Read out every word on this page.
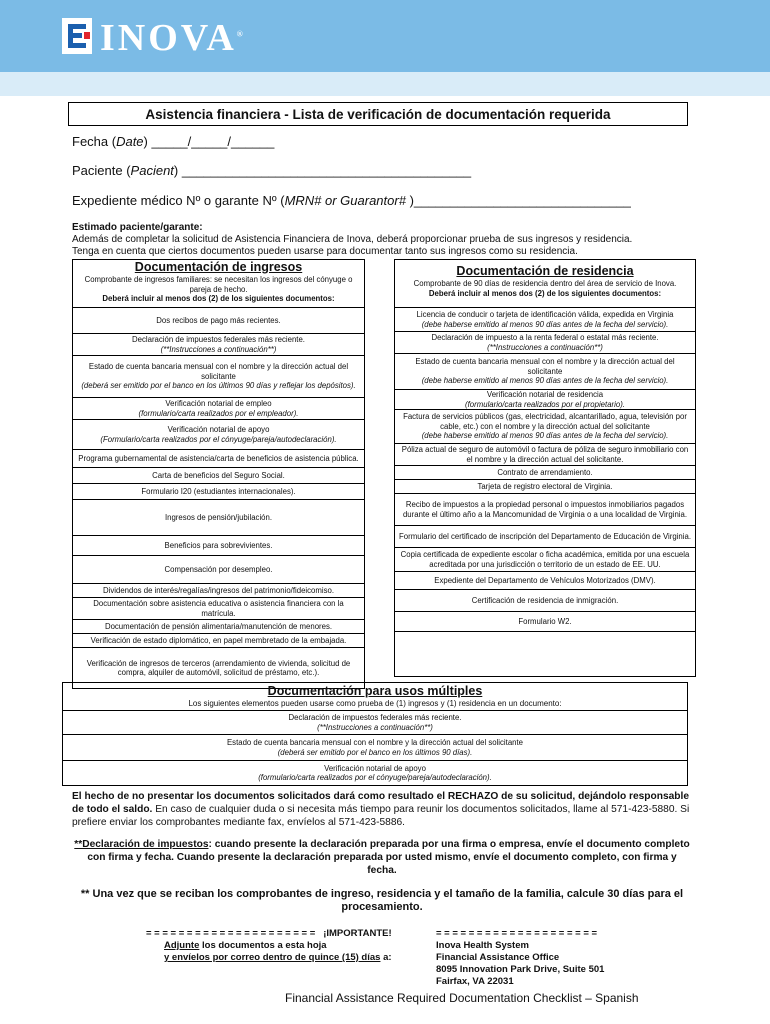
INOVA®
Asistencia financiera - Lista de verificación de documentación requerida
Fecha (Date) _____/_____/______
Paciente (Pacient) ________________________________________
Expediente médico Nº o garante Nº (MRN# or Guarantor# )______________________________
Estimado paciente/garante:
Además de completar la solicitud de Asistencia Financiera de Inova, deberá proporcionar prueba de sus ingresos y residencia.
Tenga en cuenta que ciertos documentos pueden usarse para documentar tanto sus ingresos como su residencia.
Documentación de ingresos
Comprobante de ingresos familiares: se necesitan los ingresos del cónyuge o pareja de hecho.
Deberá incluir al menos dos (2) de los siguientes documentos:
Dos recibos de pago más recientes.
Declaración de impuestos federales más reciente.
(**Instrucciones a continuación**)
Estado de cuenta bancaria mensual con el nombre y la dirección actual del solicitante
(deberá ser emitido por el banco en los últimos 90 días y reflejar los depósitos).
Verificación notarial de empleo
(formulario/carta realizados por el empleador).
Verificación notarial de apoyo
(Formulario/carta realizados por el cónyuge/pareja/autodeclaración).
Programa gubernamental de asistencia/carta de beneficios de asistencia pública.
Carta de beneficios del Seguro Social.
Formulario I20 (estudiantes internacionales).
Ingresos de pensión/jubilación.
Beneficios para sobrevivientes.
Compensación por desempleo.
Dividendos de interés/regalías/ingresos del patrimonio/fideicomiso.
Documentación sobre asistencia educativa o asistencia financiera con la matrícula.
Documentación de pensión alimentaria/manutención de menores.
Verificación de estado diplomático, en papel membretado de la embajada.
Verificación de ingresos de terceros (arrendamiento de vivienda, solicitud de compra, alquiler de automóvil, solicitud de préstamo, etc.).
Documentación de residencia
Comprobante de 90 días de residencia dentro del área de servicio de Inova.
Deberá incluir al menos dos (2) de los siguientes documentos:
Licencia de conducir o tarjeta de identificación válida, expedida en Virginia
(debe haberse emitido al menos 90 días antes de la fecha del servicio).
Declaración de impuesto a la renta federal o estatal más reciente.
(**Instrucciones a continuación**)
Estado de cuenta bancaria mensual con el nombre y la dirección actual del solicitante
(debe haberse emitido al menos 90 días antes de la fecha del servicio).
Verificación notarial de residencia
(formulario/carta realizados por el propietario).
Factura de servicios públicos (gas, electricidad, alcantarillado, agua, televisión por cable, etc.) con el nombre y la dirección actual del solicitante
(debe haberse emitido al menos 90 días antes de la fecha del servicio).
Póliza actual de seguro de automóvil o factura de póliza de seguro inmobiliario con el nombre y la dirección actual del solicitante.
Contrato de arrendamiento.
Tarjeta de registro electoral de Virginia.
Recibo de impuestos a la propiedad personal o impuestos inmobiliarios pagados durante el último año a la Mancomunidad de Virginia o a una localidad de Virginia.
Formulario del certificado de inscripción del Departamento de Educación de Virginia.
Copia certificada de expediente escolar o ficha académica, emitida por una escuela acreditada por una jurisdicción o territorio de un estado de EE. UU.
Expediente del Departamento de Vehículos Motorizados (DMV).
Certificación de residencia de inmigración.
Formulario W2.
Documentación para usos múltiples
Los siguientes elementos pueden usarse como prueba de (1) ingresos y (1) residencia en un documento:
Declaración de impuestos federales más reciente.
(**Instrucciones a continuación**)
Estado de cuenta bancaria mensual con el nombre y la dirección actual del solicitante
(deberá ser emitido por el banco en los últimos 90 días).
Verificación notarial de apoyo
(formulario/carta realizados por el cónyuge/pareja/autodeclaración).
El hecho de no presentar los documentos solicitados dará como resultado el RECHAZO de su solicitud, dejándolo responsable de todo el saldo. En caso de cualquier duda o si necesita más tiempo para reunir los documentos solicitados, llame al 571-423-5880. Si prefiere enviar los comprobantes mediante fax, envíelos al 571-423-5886.
**Declaración de impuestos: cuando presente la declaración preparada por una firma o empresa, envíe el documento completo con firma y fecha. Cuando presente la declaración preparada por usted mismo, envíe el documento completo, con firma y fecha.
** Una vez que se reciban los comprobantes de ingreso, residencia y el tamaño de la familia, calcule 30 días para el procesamiento.
= = = = = = = = = = = = = = = = = = = = = ¡IMPORTANTE!
Adjunte los documentos a esta hoja
y envíelos por correo dentro de quince (15) días a:
= = = = = = = = = = = = = = = = = = = =
Inova Health System
Financial Assistance Office
8095 Innovation Park Drive, Suite 501
Fairfax, VA 22031
Financial Assistance Required Documentation Checklist – Spanish
